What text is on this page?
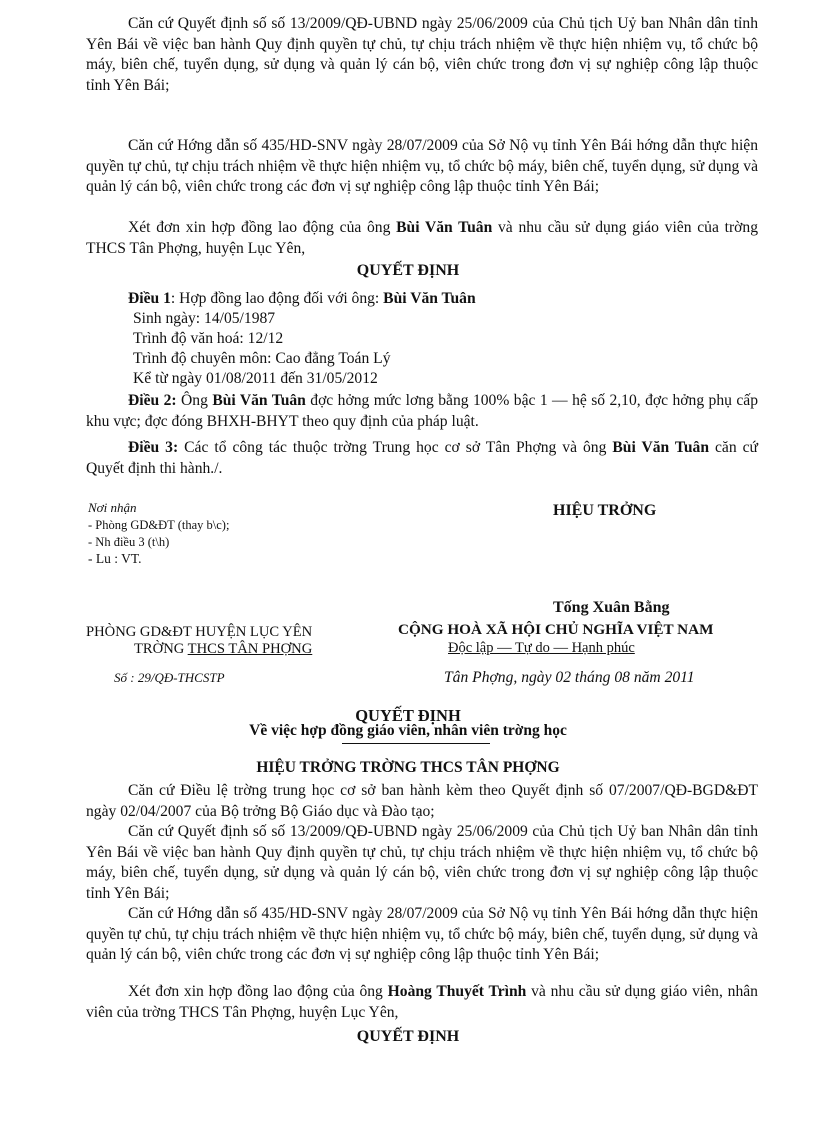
Căn cứ Quyết định số số 13/2009/QĐ-UBND ngày 25/06/2009 của Chủ tịch Uỷ ban Nhân dân tỉnh Yên Bái về việc ban hành Quy định quyền tự chủ, tự chịu trách nhiệm về thực hiện nhiệm vụ, tổ chức bộ máy, biên chế, tuyển dụng, sử dụng và quản lý cán bộ, viên chức trong đơn vị sự nghiệp công lập thuộc tỉnh Yên Bái;

Căn cứ Hớng dẫn số 435/HD-SNV ngày 28/07/2009 của Sở Nộ vụ tỉnh Yên Bái hớng dẫn thực hiện quyền tự chủ, tự chịu trách nhiệm về thực hiện nhiệm vụ, tổ chức bộ máy, biên chế, tuyển dụng, sử dụng và quản lý cán bộ, viên chức trong các đơn vị sự nghiệp công lập thuộc tỉnh Yên Bái;

Xét đơn xin hợp đồng lao động của ông Bùi Văn Tuân và nhu cầu sử dụng giáo viên của trờng THCS Tân Phợng, huyện Lục Yên,

QUYẾT ĐỊNH

Điều 1: Hợp đồng lao động đối với ông: Bùi Văn Tuân

Sinh ngày: 14/05/1987

Trình độ văn hoá: 12/12

Trình độ chuyên môn: Cao đẳng Toán Lý

Kể từ ngày 01/08/2011 đến 31/05/2012

Điều 2: Ông Bùi Văn Tuân đợc hởng mức lơng bằng 100% bậc 1 — hệ số 2,10, đợc hởng phụ cấp khu vực; đợc đóng BHXH-BHYT theo quy định của pháp luật.

Điều 3: Các tổ công tác thuộc trờng Trung học cơ sở Tân Phợng và ông Bùi Văn Tuân căn cứ Quyết định thi hành./.

Nơi nhận

- Phòng GD&ĐT (thay b\c);

- Nh điều 3 (t\h)

- Lu : VT.

HIỆU TRỞNG

Tống Xuân Bằng

PHÒNG GD&ĐT HUYỆN LỤC YÊN

TRỜNG THCS TÂN PHỢNG

CỘNG HOÀ XÃ HỘI CHỦ NGHĨA VIỆT NAM

Độc lập — Tự do — Hạnh phúc

Số : 29/QĐ-THCSTP	Tân Phợng, ngày 02 tháng 08 năm 2011

QUYẾT ĐỊNH

Về việc hợp đồng giáo viên, nhân viên trờng học

HIỆU TRỞNG TRỜNG THCS TÂN PHỢNG

Căn cứ Điều lệ trờng trung học cơ sở ban hành kèm theo Quyết định số 07/2007/QĐ-BGD&ĐT ngày 02/04/2007 của Bộ trởng Bộ Giáo dục và Đào tạo;

Căn cứ Quyết định số số 13/2009/QĐ-UBND ngày 25/06/2009 của Chủ tịch Uỷ ban Nhân dân tỉnh Yên Bái về việc ban hành Quy định quyền tự chủ, tự chịu trách nhiệm về thực hiện nhiệm vụ, tổ chức bộ máy, biên chế, tuyển dụng, sử dụng và quản lý cán bộ, viên chức trong đơn vị sự nghiệp công lập thuộc tỉnh Yên Bái;

Căn cứ Hớng dẫn số 435/HD-SNV ngày 28/07/2009 của Sở Nộ vụ tỉnh Yên Bái hớng dẫn thực hiện quyền tự chủ, tự chịu trách nhiệm về thực hiện nhiệm vụ, tổ chức bộ máy, biên chế, tuyển dụng, sử dụng và quản lý cán bộ, viên chức trong các đơn vị sự nghiệp công lập thuộc tỉnh Yên Bái;

Xét đơn xin hợp đồng lao động của ông Hoàng Thuyết Trình và nhu cầu sử dụng giáo viên, nhân viên của trờng THCS Tân Phợng, huyện Lục Yên,

QUYẾT ĐỊNH
